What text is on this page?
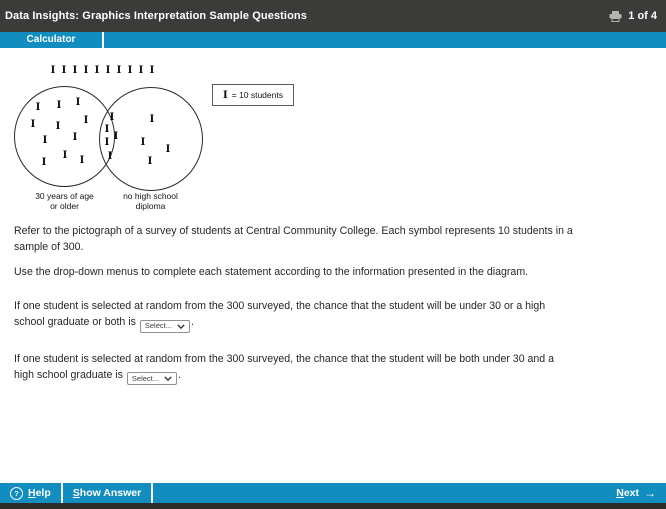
Data Insights: Graphics Interpretation Sample Questions	1 of 4
Calculator
I I I I I I I I I I
I I I
I I
I
I	I
I
I I
I
I
I
I
I
I
I
I
I
30 years of age
or older
no high school
diploma
I = 10 students
Refer to the pictograph of a survey of students at Central Community College. Each symbol represents 10 students in a
sample of 300.
Use the drop-down menus to complete each statement according to the information presented in the diagram.
If one student is selected at random from the 300 surveyed, the chance that the student will be under 30 or a high
school graduate or both is Select... .
If one student is selected at random from the 300 surveyed, the chance that the student will be both under 30 and a
high school graduate is Select... .
? Help Show Answer	Next →
